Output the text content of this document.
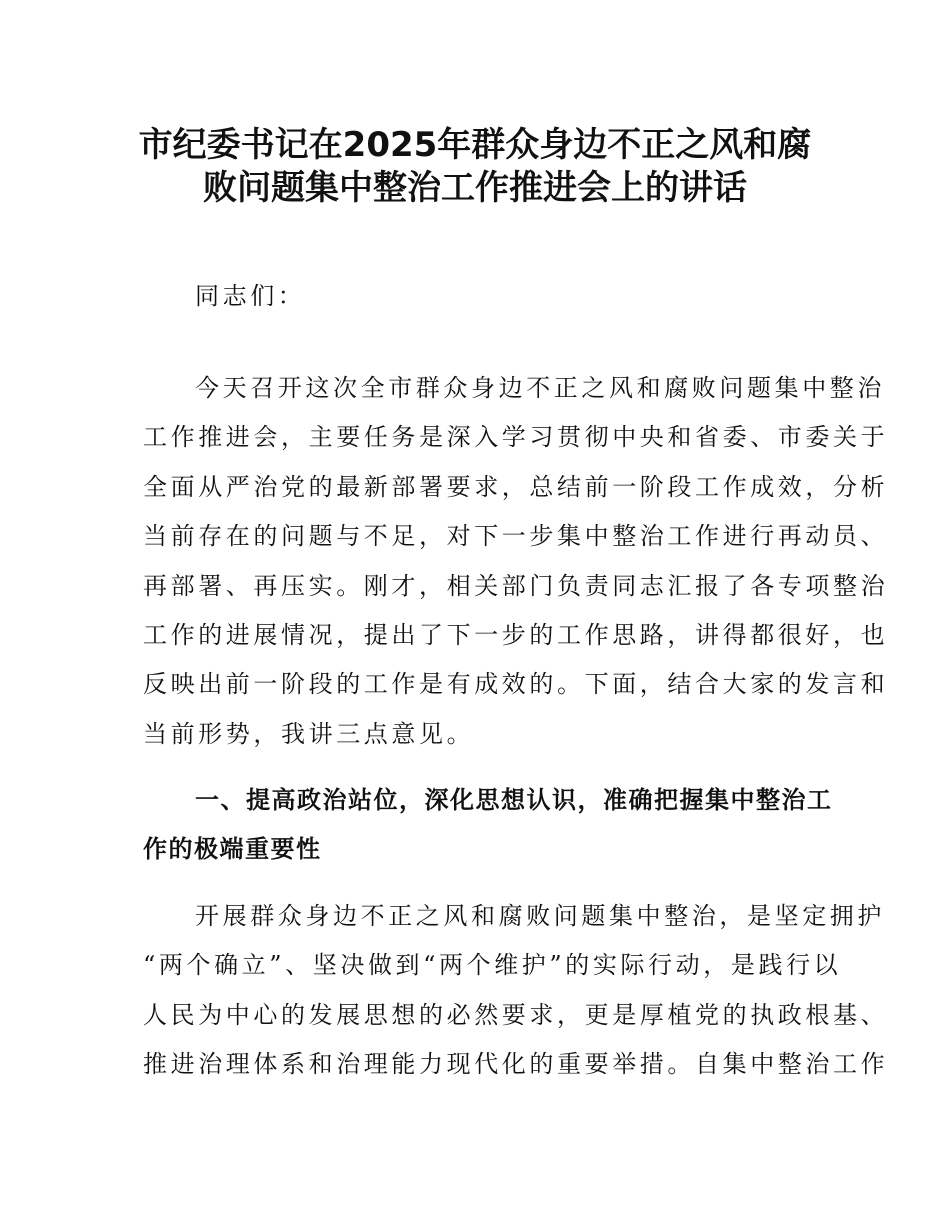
市纪委书记在2025年群众身边不正之风和腐
败问题集中整治工作推进会上的讲话
同志们：
今天召开这次全市群众身边不正之风和腐败问题集中整治
工作推进会，主要任务是深入学习贯彻中央和省委、市委关于
全面从严治党的最新部署要求，总结前一阶段工作成效，分析
当前存在的问题与不足，对下一步集中整治工作进行再动员、
再部署、再压实。刚才，相关部门负责同志汇报了各专项整治
工作的进展情况，提出了下一步的工作思路，讲得都很好，也
反映出前一阶段的工作是有成效的。下面，结合大家的发言和
当前形势，我讲三点意见。
一、提高政治站位，深化思想认识，准确把握集中整治工
作的极端重要性
开展群众身边不正之风和腐败问题集中整治，是坚定拥护
“两个确立”、坚决做到“两个维护”的实际行动，是践行以
人民为中心的发展思想的必然要求，更是厚植党的执政根基、
推进治理体系和治理能力现代化的重要举措。自集中整治工作
